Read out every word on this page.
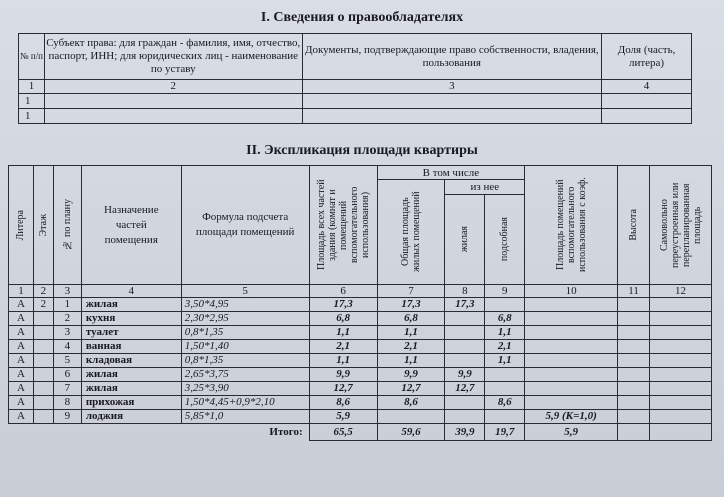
I. Сведения о правообладателях
№ п/п	Субъект права: для граждан - фамилия, имя, отчество, паспорт, ИНН; для юридических лиц - наименование по уставу	Документы, подтверждающие право собственности, владения, пользования	Доля (часть, литера)
1	2	3	4
1			
1			
II. Экспликация площади квартиры
Литера	Этаж	№ по плану	Назначение частей помещения	Формула подсчета площади помещений	Площадь всех частей здания (комнат и помещений вспомогательного использования)	В том числе			Площадь помещений вспомогательного использования с коэф.	Высота	Самовольно переустроенная или перепланированная площадь

						Общая площадь жилых помещений	из нее				

							жилая	подсобная			

1	2	3	4	5	6	7	8	9	10	11	12
А	2	1	жилая	3,50*4,95	17,3	17,3	17,3				
А		2	кухня	2,30*2,95	6,8	6,8		6,8			
А		3	туалет	0,8*1,35	1,1	1,1		1,1			
А		4	ванная	1,50*1,40	2,1	2,1		2,1			
А		5	кладовая	0,8*1,35	1,1	1,1		1,1			
А		6	жилая	2,65*3,75	9,9	9,9	9,9				
А		7	жилая	3,25*3,90	12,7	12,7	12,7				
А		8	прихожая	1,50*4,45+0,9*2,10	8,6	8,6		8,6			
А		9	лоджия	5,85*1,0	5,9				5,9 (К=1,0)		
Итого:					65,5	59,6	39,9	19,7	5,9		
